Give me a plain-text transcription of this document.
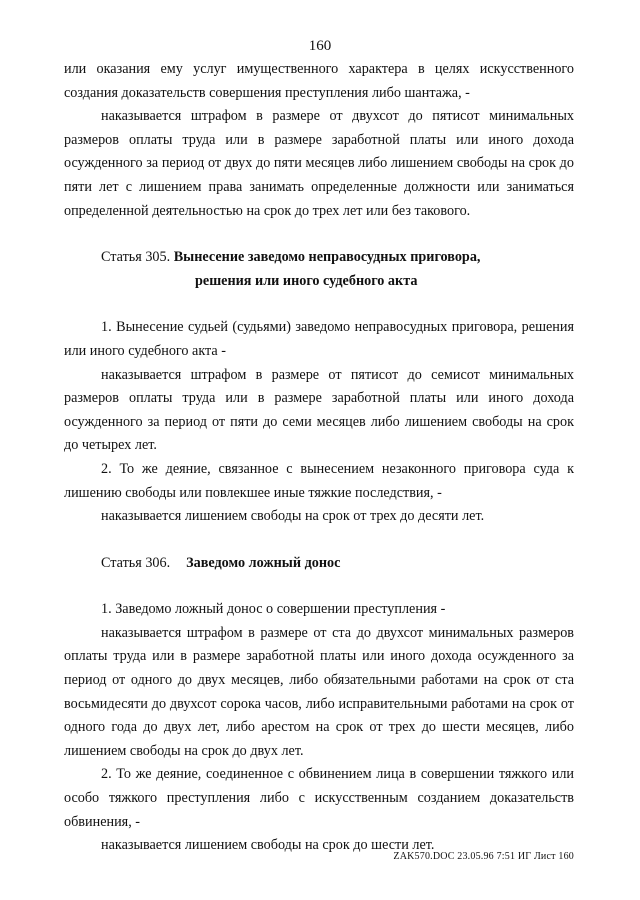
160

или оказания ему услуг имущественного характера в целях искусственного создания доказательств совершения преступления либо шантажа, -

наказывается штрафом в размере от двухсот до пятисот минимальных размеров оплаты труда или в размере заработной платы или иного дохода осужденного за период от двух до пяти месяцев либо лишением свободы на срок до пяти лет с лишением права занимать определенные должности или заниматься определенной деятельностью на срок до трех лет или без такового.

Статья 305. Вынесение заведомо неправосудных приговора,
решения или иного судебного акта

1. Вынесение судьей (судьями) заведомо неправосудных приговора, решения или иного судебного акта -

наказывается штрафом в размере от пятисот до семисот минимальных размеров оплаты труда или в размере заработной платы или иного дохода осужденного за период от пяти до семи месяцев либо лишением свободы на срок до четырех лет.

2. То же деяние, связанное с вынесением незаконного приговора суда к лишению свободы или повлекшее иные тяжкие последствия, -

наказывается лишением свободы на срок от трех до десяти лет.

Статья 306. Заведомо ложный донос

1. Заведомо ложный донос о совершении преступления -

наказывается штрафом в размере от ста до двухсот минимальных размеров оплаты труда или в размере заработной платы или иного дохода осужденного за период от одного до двух месяцев, либо обязательными работами на срок от ста восьмидесяти до двухсот сорока часов, либо исправительными работами на срок от одного года до двух лет, либо арестом на срок от трех до шести месяцев, либо лишением свободы на срок до двух лет.

2. То же деяние, соединенное с обвинением лица в совершении тяжкого или особо тяжкого преступления либо с искусственным созданием доказательств обвинения, -

наказывается лишением свободы на срок до шести лет.

ZAK570.DOC 23.05.96 7:51 ИГ Лист 160
